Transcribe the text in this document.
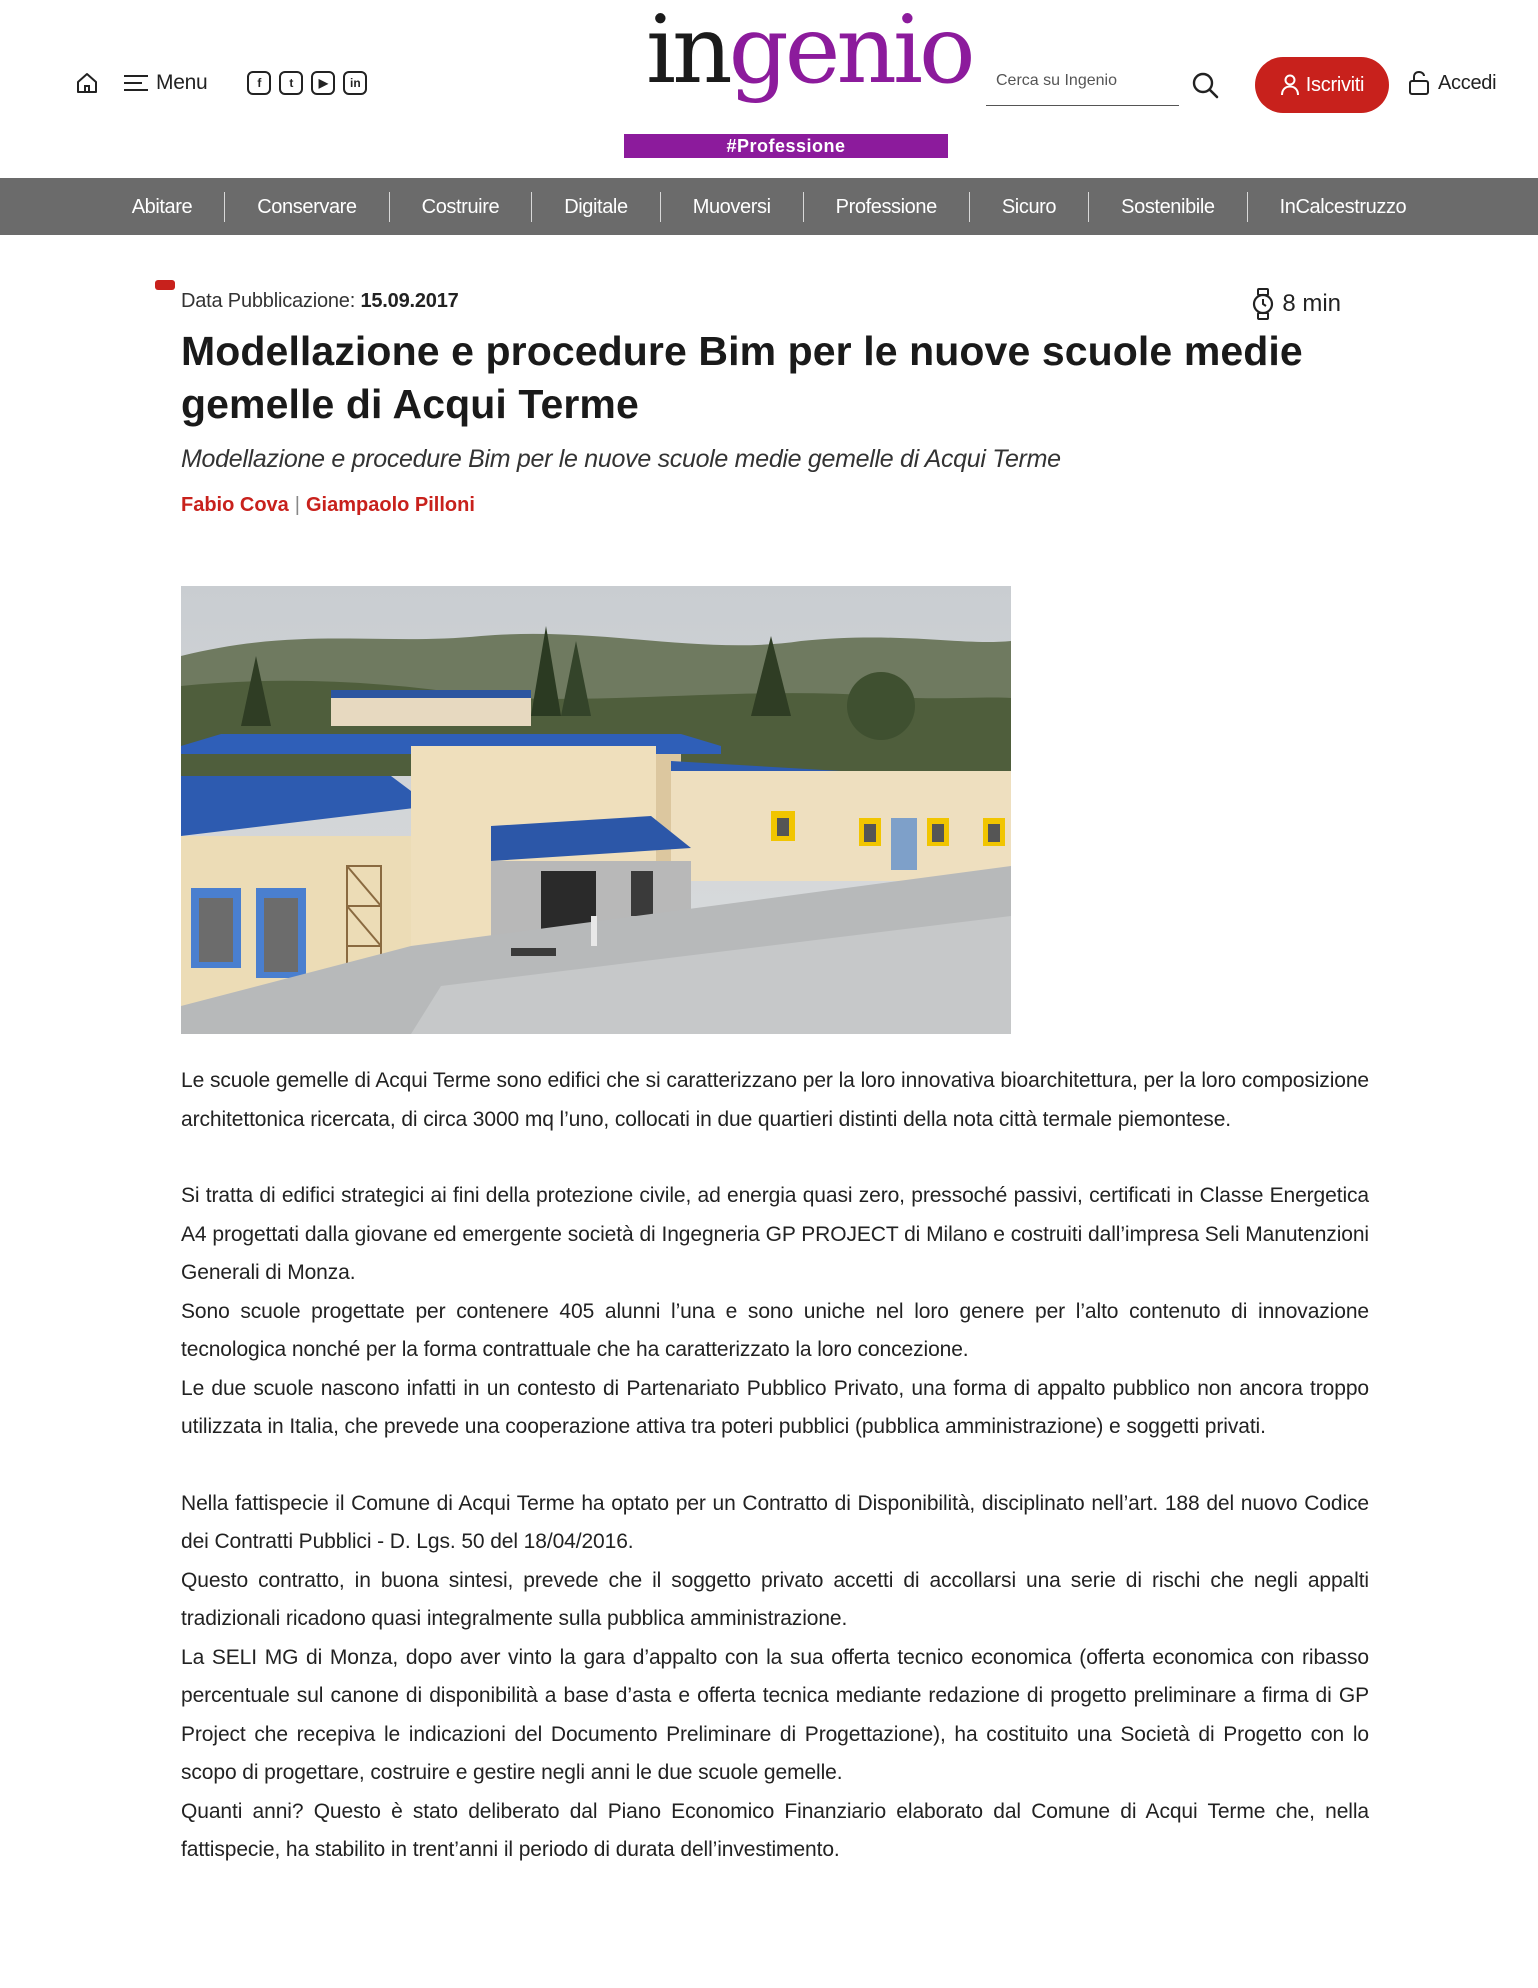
Menu	f	t	▶	in	ingenio
#Professione
Cerca su Ingenio
Iscriviti	Accedi
Abitare	Conservare	Costruire	Digitale	Muoversi	Professione	Sicuro	Sostenibile	InCalcestruzzo
Data Pubblicazione: 15.09.2017	8 min
Modellazione e procedure Bim per le nuove scuole medie gemelle di Acqui Terme
Modellazione e procedure Bim per le nuove scuole medie gemelle di Acqui Terme
Fabio Cova | Giampaolo Pilloni

Le scuole gemelle di Acqui Terme sono edifici che si caratterizzano per la loro innovativa bioarchitettura, per la loro composizione architettonica ricercata, di circa 3000 mq l’uno, collocati in due quartieri distinti della nota città termale piemontese.

Si tratta di edifici strategici ai fini della protezione civile, ad energia quasi zero, pressoché passivi, certificati in Classe Energetica A4 progettati dalla giovane ed emergente società di Ingegneria GP PROJECT di Milano e costruiti dall’impresa Seli Manutenzioni Generali di Monza.

Sono scuole progettate per contenere 405 alunni l’una e sono uniche nel loro genere per l’alto contenuto di innovazione tecnologica nonché per la forma contrattuale che ha caratterizzato la loro concezione.

Le due scuole nascono infatti in un contesto di Partenariato Pubblico Privato, una forma di appalto pubblico non ancora troppo utilizzata in Italia, che prevede una cooperazione attiva tra poteri pubblici (pubblica amministrazione) e soggetti privati.

Nella fattispecie il Comune di Acqui Terme ha optato per un Contratto di Disponibilità, disciplinato nell’art. 188 del nuovo Codice dei Contratti Pubblici - D. Lgs. 50 del 18/04/2016.

Questo contratto, in buona sintesi, prevede che il soggetto privato accetti di accollarsi una serie di rischi che negli appalti tradizionali ricadono quasi integralmente sulla pubblica amministrazione.

La SELI MG di Monza, dopo aver vinto la gara d’appalto con la sua offerta tecnico economica (offerta economica con ribasso percentuale sul canone di disponibilità a base d’asta e offerta tecnica mediante redazione di progetto preliminare a firma di GP Project che recepiva le indicazioni del Documento Preliminare di Progettazione), ha costituito una Società di Progetto con lo scopo di progettare, costruire e gestire negli anni le due scuole gemelle.

Quanti anni? Questo è stato deliberato dal Piano Economico Finanziario elaborato dal Comune di Acqui Terme che, nella fattispecie, ha stabilito in trent’anni il periodo di durata dell’investimento.
